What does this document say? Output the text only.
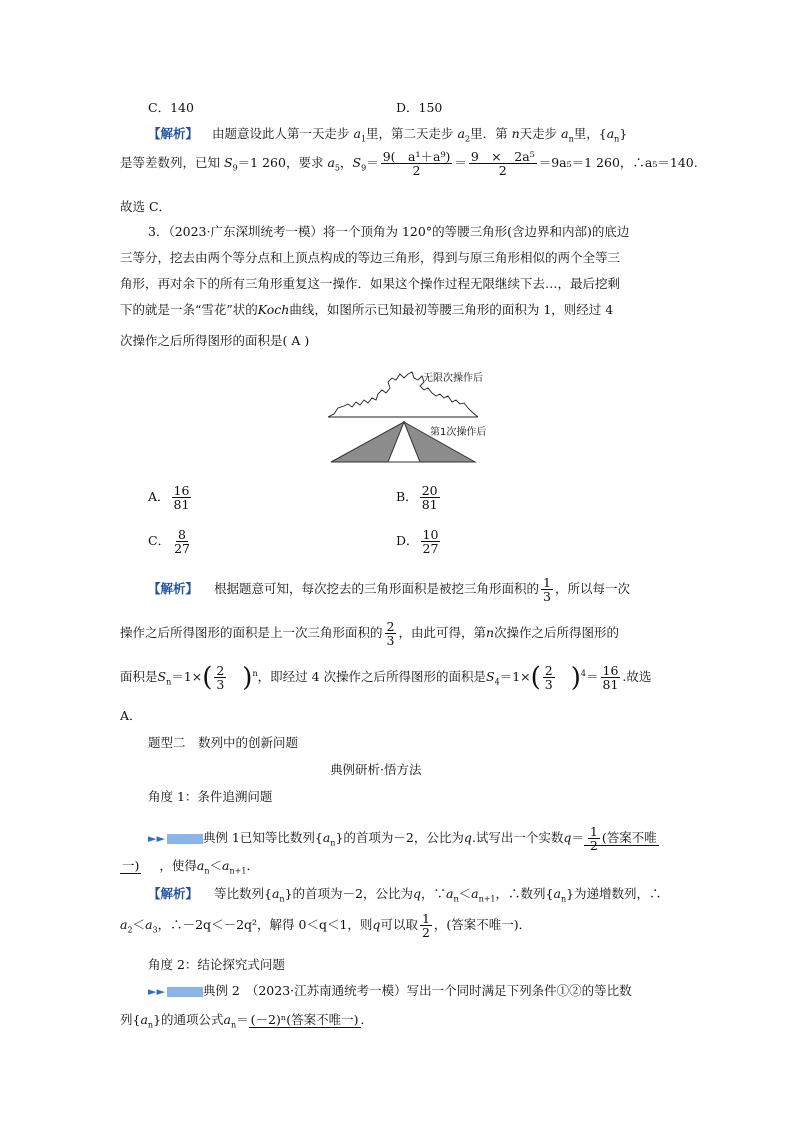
C．140	D．150
【解析】 由题意设此人第一天走步 $a_1$里，第二天走步 $a_2$里．第 n天走步 $a_n$里，$\{a_n\}$
是等差数列，已知 $S_9=1$ 260，要求 $a_5$，$S_9= \frac{\text{9(　a¹＋a⁹)}}{2} = \frac{\text{9　×　2a⁵}}{2} =9a_5=1$ 260，∴a₅＝140.
故选 C．
3．（2023·广东深圳统考一模）将一个顶角为 120°的等腰三角形(含边界和内部)的底边
三等分，挖去由两个等分点和上顶点构成的等边三角形，得到与原三角形相似的两个全等三
角形，再对余下的所有三角形重复这一操作．如果这个操作过程无限继续下去…，最后挖剩
下的就是一条“雪花”状的Koch曲线，如图所示已知最初等腰三角形的面积为 1，则经过 4
次操作之后所得图形的面积是( A )
无限次操作后
第1次操作后
A． $\frac{16}{81}$	B． $\frac{20}{81}$
C． $\frac{8}{27}$	D． $\frac{10}{27}$
【解析】 根据题意可知，每次挖去的三角形面积是被挖三角形面积的 $\frac{1}{3}$ ，所以每一次
操作之后所得图形的面积是上一次三角形面积的 $\frac{2}{3}$ ，由此可得，第n次操作之后所得图形的
面积是$S_n=1\times( \frac{2}{3} )^n$，即经过 4 次操作之后所得图形的面积是$S_4=1\times( \frac{2}{3} )^4= \frac{16}{81}$ .故选
A．
题型二　数列中的创新问题
典例研析·悟方法
角度 1：条件追溯问题
►►	典例 1已知等比数列$\{a_n\}$的首项为－2，公比为q.试写出一个实数$q= \frac{1}{2}$ (答案不唯
一) ，使得$a_n<a_{n+1}$．
【解析】 等比数列$\{a_n\}$的首项为－2，公比为q，$\because a_n<a_{n+1}$，∴数列$\{a_n\}$为递增数列，∴
$a_2<a_3$，∴－2q＜－2q²，解得 0＜q＜1，则q可以取 $\frac{1}{2}$ ，(答案不唯一)．
角度 2：结论探究式问题
►►	典例 2 （2023·江苏南通统考一模）写出一个同时满足下列条件①②的等比数
列$\{a_n\}$的通项公式$a_n= (-2)^n$(答案不唯一) ．
